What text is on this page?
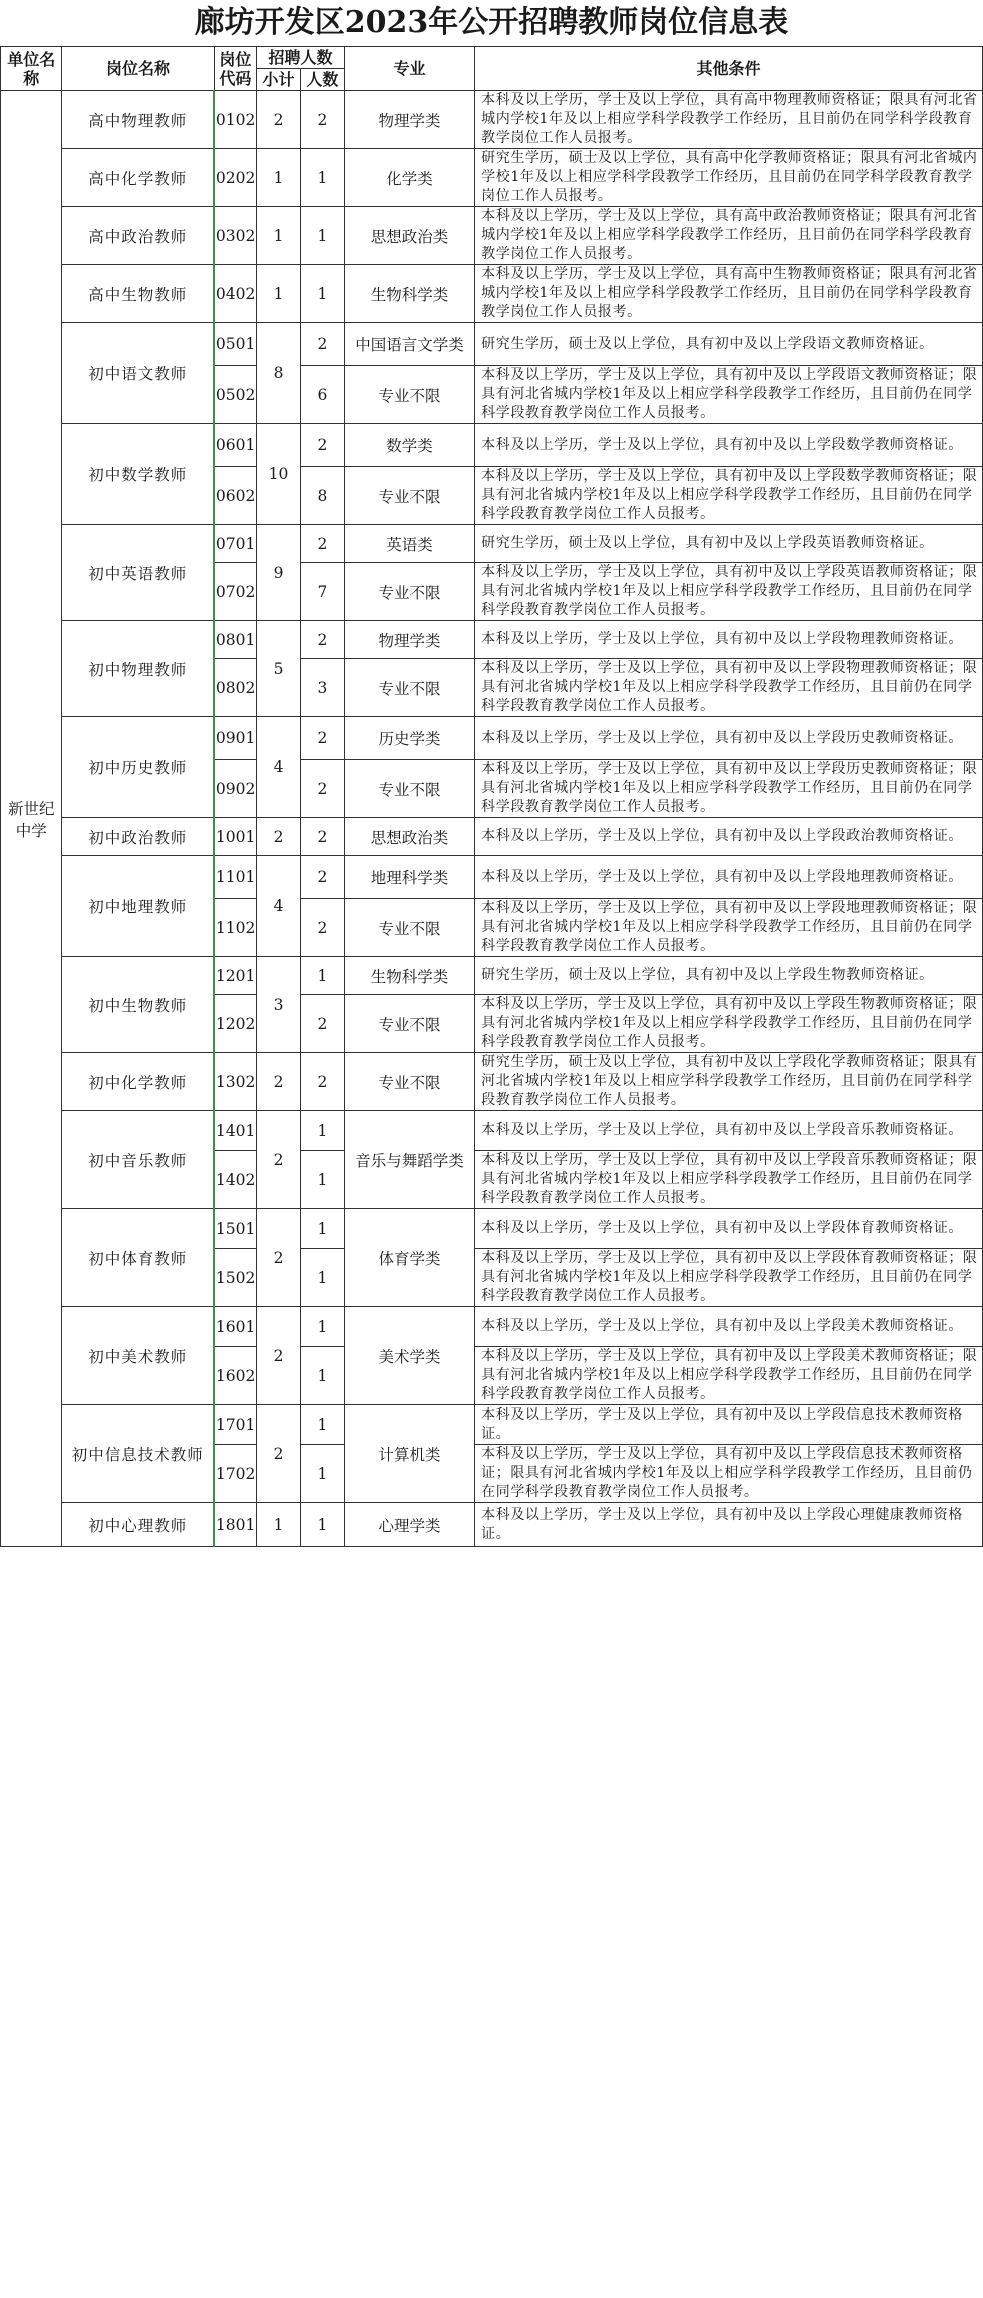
廊坊开发区2023年公开招聘教师岗位信息表
单位名称	岗位名称	岗位代码	招聘人数		专业	其他条件
			小计	人数		
新世纪中学	高中物理教师	0102	2	2	物理学类	本科及以上学历，学士及以上学位，具有高中物理教师资格证；限具有河北省城内学校1年及以上相应学科学段教学工作经历，且目前仍在同学科学段教育教学岗位工作人员报考。
	高中化学教师	0202	1	1	化学类	研究生学历，硕士及以上学位，具有高中化学教师资格证；限具有河北省城内学校1年及以上相应学科学段教学工作经历，且目前仍在同学科学段教育教学岗位工作人员报考。
	高中政治教师	0302	1	1	思想政治类	本科及以上学历，学士及以上学位，具有高中政治教师资格证；限具有河北省城内学校1年及以上相应学科学段教学工作经历，且目前仍在同学科学段教育教学岗位工作人员报考。
	高中生物教师	0402	1	1	生物科学类	本科及以上学历，学士及以上学位，具有高中生物教师资格证；限具有河北省城内学校1年及以上相应学科学段教学工作经历，且目前仍在同学科学段教育教学岗位工作人员报考。
	初中语文教师	0501	8	2	中国语言文学类	研究生学历，硕士及以上学位，具有初中及以上学段语文教师资格证。
		0502		6	专业不限	本科及以上学历，学士及以上学位，具有初中及以上学段语文教师资格证；限具有河北省城内学校1年及以上相应学科学段教学工作经历，且目前仍在同学科学段教育教学岗位工作人员报考。
	初中数学教师	0601	10	2	数学类	本科及以上学历，学士及以上学位，具有初中及以上学段数学教师资格证。
		0602		8	专业不限	本科及以上学历，学士及以上学位，具有初中及以上学段数学教师资格证；限具有河北省城内学校1年及以上相应学科学段教学工作经历，且目前仍在同学科学段教育教学岗位工作人员报考。
	初中英语教师	0701	9	2	英语类	研究生学历，硕士及以上学位，具有初中及以上学段英语教师资格证。
		0702		7	专业不限	本科及以上学历，学士及以上学位，具有初中及以上学段英语教师资格证；限具有河北省城内学校1年及以上相应学科学段教学工作经历，且目前仍在同学科学段教育教学岗位工作人员报考。
	初中物理教师	0801	5	2	物理学类	本科及以上学历，学士及以上学位，具有初中及以上学段物理教师资格证。
		0802		3	专业不限	本科及以上学历，学士及以上学位，具有初中及以上学段物理教师资格证；限具有河北省城内学校1年及以上相应学科学段教学工作经历，且目前仍在同学科学段教育教学岗位工作人员报考。
	初中历史教师	0901	4	2	历史学类	本科及以上学历，学士及以上学位，具有初中及以上学段历史教师资格证。
		0902		2	专业不限	本科及以上学历，学士及以上学位，具有初中及以上学段历史教师资格证；限具有河北省城内学校1年及以上相应学科学段教学工作经历，且目前仍在同学科学段教育教学岗位工作人员报考。
	初中政治教师	1001	2	2	思想政治类	本科及以上学历，学士及以上学位，具有初中及以上学段政治教师资格证。
	初中地理教师	1101	4	2	地理科学类	本科及以上学历，学士及以上学位，具有初中及以上学段地理教师资格证。
		1102		2	专业不限	本科及以上学历，学士及以上学位，具有初中及以上学段地理教师资格证；限具有河北省城内学校1年及以上相应学科学段教学工作经历，且目前仍在同学科学段教育教学岗位工作人员报考。
	初中生物教师	1201	3	1	生物科学类	研究生学历，硕士及以上学位，具有初中及以上学段生物教师资格证。
		1202		2	专业不限	本科及以上学历，学士及以上学位，具有初中及以上学段生物教师资格证；限具有河北省城内学校1年及以上相应学科学段教学工作经历，且目前仍在同学科学段教育教学岗位工作人员报考。
	初中化学教师	1302	2	2	专业不限	研究生学历，硕士及以上学位，具有初中及以上学段化学教师资格证；限具有河北省城内学校1年及以上相应学科学段教学工作经历，且目前仍在同学科学段教育教学岗位工作人员报考。
	初中音乐教师	1401	2	1	音乐与舞蹈学类	本科及以上学历，学士及以上学位，具有初中及以上学段音乐教师资格证。
		1402		1		本科及以上学历，学士及以上学位，具有初中及以上学段音乐教师资格证；限具有河北省城内学校1年及以上相应学科学段教学工作经历，且目前仍在同学科学段教育教学岗位工作人员报考。
	初中体育教师	1501	2	1	体育学类	本科及以上学历，学士及以上学位，具有初中及以上学段体育教师资格证。
		1502		1		本科及以上学历，学士及以上学位，具有初中及以上学段体育教师资格证；限具有河北省城内学校1年及以上相应学科学段教学工作经历，且目前仍在同学科学段教育教学岗位工作人员报考。
	初中美术教师	1601	2	1	美术学类	本科及以上学历，学士及以上学位，具有初中及以上学段美术教师资格证。
		1602		1		本科及以上学历，学士及以上学位，具有初中及以上学段美术教师资格证；限具有河北省城内学校1年及以上相应学科学段教学工作经历，且目前仍在同学科学段教育教学岗位工作人员报考。
	初中信息技术教师	1701	2	1	计算机类	本科及以上学历，学士及以上学位，具有初中及以上学段信息技术教师资格证。
		1702		1		本科及以上学历，学士及以上学位，具有初中及以上学段信息技术教师资格证；限具有河北省城内学校1年及以上相应学科学段教学工作经历，且目前仍在同学科学段教育教学岗位工作人员报考。
	初中心理教师	1801	1	1	心理学类	本科及以上学历，学士及以上学位，具有初中及以上学段心理健康教师资格证。
